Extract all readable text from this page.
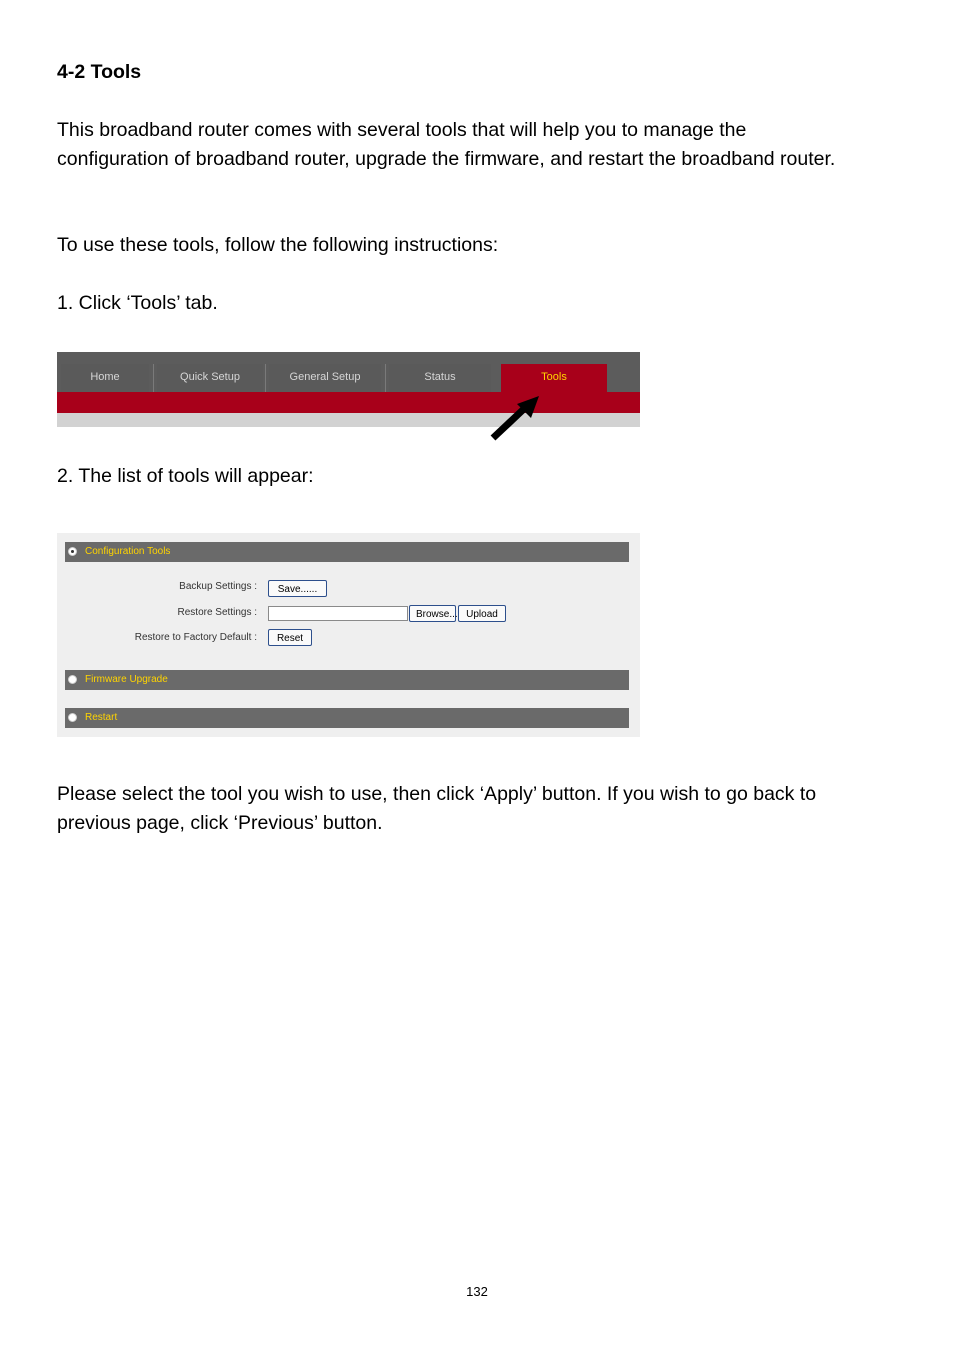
4-2 Tools

This broadband router comes with several tools that will help you to manage the configuration of broadband router, upgrade the firmware, and restart the broadband router.

To use these tools, follow the following instructions:

1. Click ‘Tools’ tab.

Home	Quick Setup	General Setup	Status	Tools

2. The list of tools will appear:

Configuration Tools
Backup Settings :	Save......
Restore Settings :	Browse... Upload
Restore to Factory Default :	Reset
Firmware Upgrade
Restart

Please select the tool you wish to use, then click ‘Apply’ button. If you wish to go back to previous page, click ‘Previous’ button.

132
